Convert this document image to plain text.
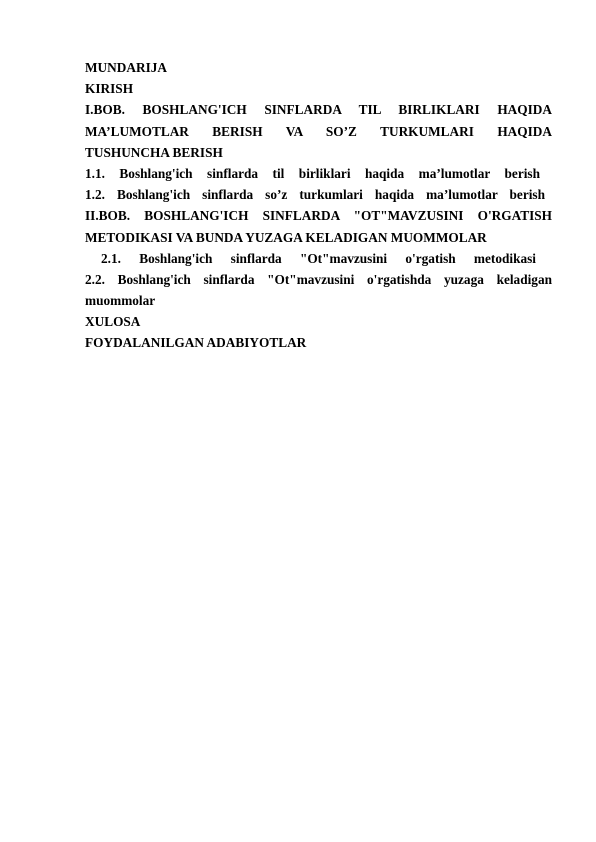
MUNDARIJA
KIRISH
I.BOB. BOSHLANG'ICH SINFLARDA TIL BIRLIKLARI HAQIDA
MA’LUMOTLAR BERISH VA SO’Z TURKUMLARI HAQIDA
TUSHUNCHA BERISH
1.1. Boshlang'ich sinflarda til birliklari haqida ma’lumotlar berish
1.2. Boshlang'ich sinflarda so’z turkumlari haqida ma’lumotlar berish
II.BOB. BOSHLANG'ICH SINFLARDA "OT"MAVZUSINI O'RGATISH
METODIKASI VA BUNDA YUZAGA KELADIGAN MUOMMOLAR
2.1. Boshlang'ich sinflarda "Ot"mavzusini o'rgatish metodikasi
2.2. Boshlang'ich sinflarda "Ot"mavzusini o'rgatishda yuzaga keladigan
muommolar
XULOSA
FOYDALANILGAN ADABIYOTLAR
